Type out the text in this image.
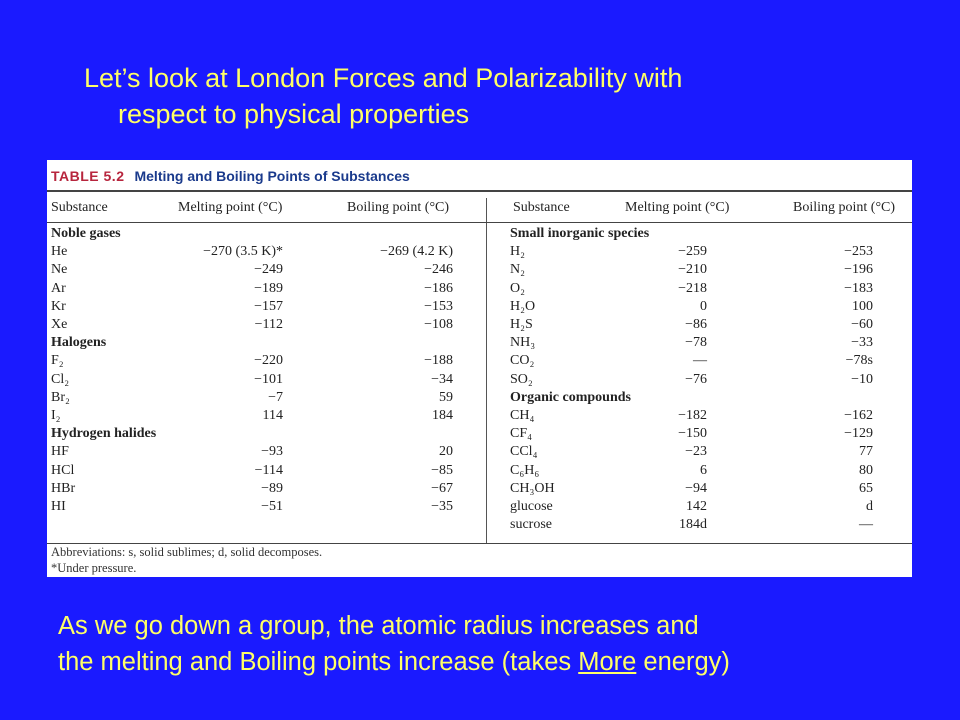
Let’s look at London Forces and Polarizability with
respect to physical properties
TABLE 5.2 Melting and Boiling Points of Substances
Substance	Melting point (°C)	Boiling point (°C)	Substance	Melting point (°C)	Boiling point (°C)
Noble gases
He	−270 (3.5 K)*	−269 (4.2 K)
Ne	−249	−246
Ar	−189	−186
Kr	−157	−153
Xe	−112	−108
Halogens
F₂	−220	−188
Cl₂	−101	−34
Br₂	−7	59
I₂	114	184
Hydrogen halides
HF	−93	20
HCl	−114	−85
HBr	−89	−67
HI	−51	−35
Small inorganic species
H₂	−259	−253
N₂	−210	−196
O₂	−218	−183
H₂O	0	100
H₂S	−86	−60
NH₃	−78	−33
CO₂	—	−78s
SO₂	−76	−10
Organic compounds
CH₄	−182	−162
CF₄	−150	−129
CCl₄	−23	77
C₆H₆	6	80
CH₃OH	−94	65
glucose	142	d
sucrose	184d	—
Abbreviations: s, solid sublimes; d, solid decomposes.
*Under pressure.
As we go down a group, the atomic radius increases and
the melting and Boiling points increase (takes More energy)
